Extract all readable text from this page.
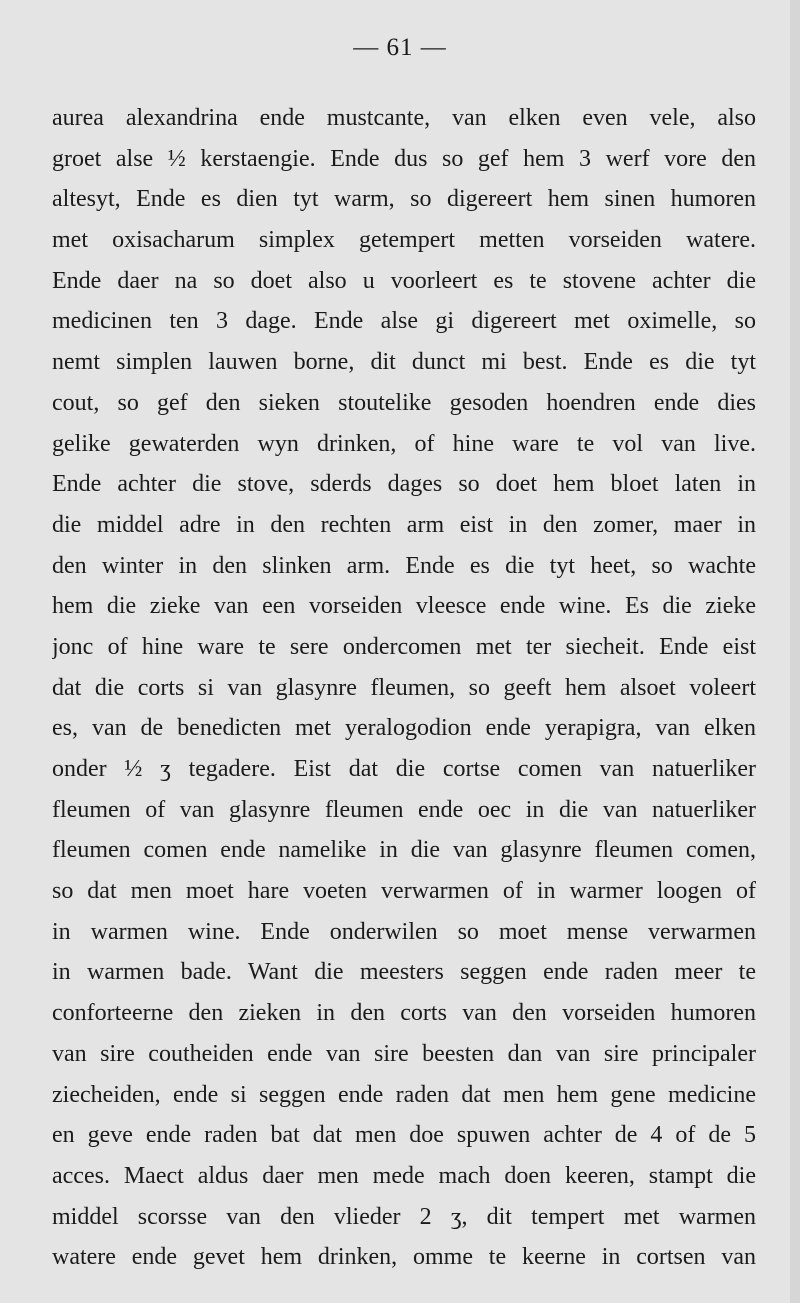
— 61 —
aurea alexandrina ende mustcante, van elken even vele, also
groet alse ½ kerstaengie. Ende dus so gef hem 3 werf vore den
altesyt, Ende es dien tyt warm, so digereert hem sinen humoren
met oxisacharum simplex getempert metten vorseiden watere.
Ende daer na so doet also u voorleert es te stovene achter die
medicinen ten 3 dage. Ende alse gi digereert met oximelle, so
nemt simplen lauwen borne, dit dunct mi best. Ende es die tyt
cout, so gef den sieken stoutelike gesoden hoendren ende dies
gelike gewaterden wyn drinken, of hine ware te vol van live.
Ende achter die stove, sderds dages so doet hem bloet laten in
die middel adre in den rechten arm eist in den zomer, maer in
den winter in den slinken arm. Ende es die tyt heet, so wachte
hem die zieke van een vorseiden vleesce ende wine. Es die zieke
jonc of hine ware te sere ondercomen met ter siecheit. Ende eist
dat die corts si van glasynre fleumen, so geeft hem alsoet voleert
es, van de benedicten met yeralogodion ende yerapigra, van elken
onder ½ ʒ tegadere. Eist dat die cortse comen van natuerliker
fleumen of van glasynre fleumen ende oec in die van natuerliker
fleumen comen ende namelike in die van glasynre fleumen comen,
so dat men moet hare voeten verwarmen of in warmer loogen of
in warmen wine. Ende onderwilen so moet mense verwarmen
in warmen bade. Want die meesters seggen ende raden meer te
conforteerne den zieken in den corts van den vorseiden humoren
van sire coutheiden ende van sire beesten dan van sire principaler
ziecheiden, ende si seggen ende raden dat men hem gene medicine
en geve ende raden bat dat men doe spuwen achter de 4 of de 5
acces. Maect aldus daer men mede mach doen keeren, stampt die
middel scorsse van den vlieder 2 ʒ, dit tempert met warmen
watere ende gevet hem drinken, omme te keerne in cortsen van
